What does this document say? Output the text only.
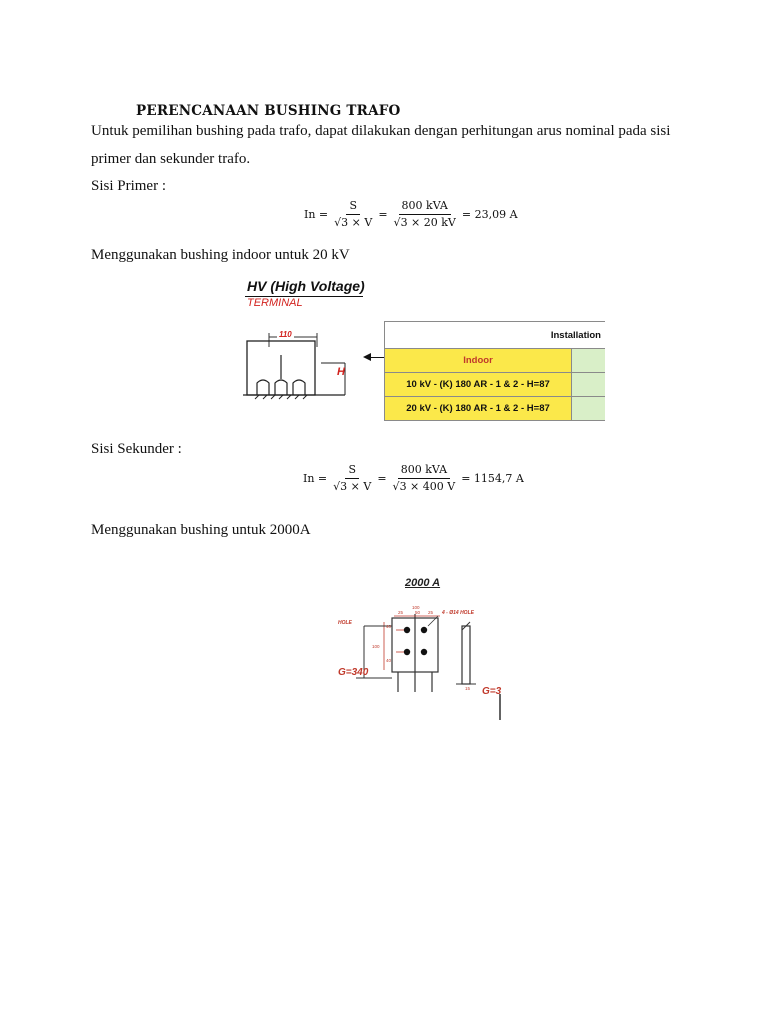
PERENCANAAN BUSHING TRAFO
Untuk pemilihan bushing pada trafo, dapat dilakukan dengan perhitungan arus nominal pada sisi
primer dan sekunder trafo.
Sisi Primer :
$In = \frac{S}{√3 \times V} = \frac{\text{800 kVA}}{√3 \times 20 kV} = 23,09$ A
Menggunakan bushing indoor untuk 20 kV
HV (High Voltage)
TERMINAL
110
H
Installation	
Indoor	
10 kV - (K) 180 AR - 1 & 2 - H=87	
20 kV - (K) 180 AR - 1 & 2 - H=87	
Sisi Sekunder :
$In = \frac{S}{√3 \times V} = \frac{\text{800 kVA}}{√3 \times 400 V} = 1154,7$ A
Menggunakan bushing untuk 2000A
2000 A
4 - Ø14 HOLE
HOLE
G=340
G=3
25
100
50 25
40
100
40
15
